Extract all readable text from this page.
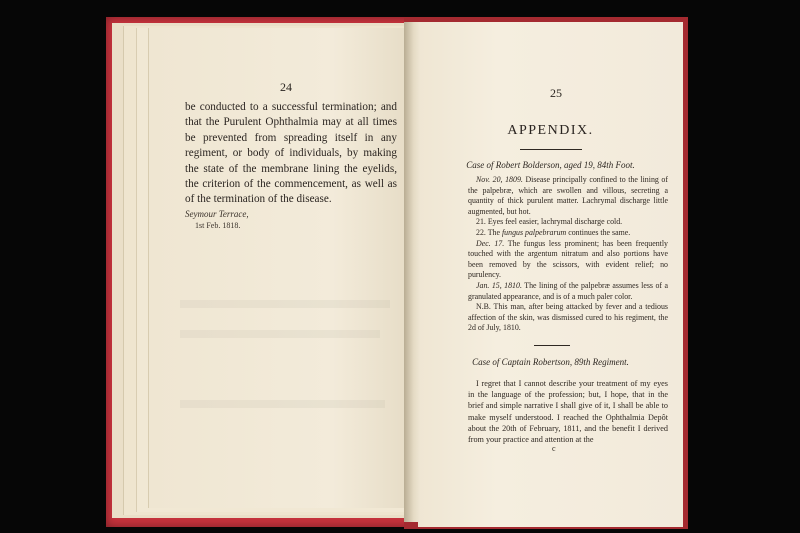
24

be conducted to a successful termination; and that the Purulent Ophthalmia may at all times be prevented from spreading itself in any regiment, or body of individuals, by making the state of the membrane lining the eyelids, the criterion of the commencement, as well as of the termination of the disease.

Seymour Terrace,
1st Feb. 1818.
25
APPENDIX.
Case of Robert Bolderson, aged 19, 84th Foot.

Nov. 20, 1809. Disease principally confined to the lining of the palpebræ, which are swollen and villous, secreting a quantity of thick purulent matter. Lachrymal discharge little augmented, but hot.

21. Eyes feel easier, lachrymal discharge cold.

22. The fungus palpebrarum continues the same.

Dec. 17. The fungus less prominent; has been frequently touched with the argentum nitratum and also portions have been removed by the scissors, with evident relief; no purulency.

Jan. 15, 1810. The lining of the palpebræ assumes less of a granulated appearance, and is of a much paler color.

N.B. This man, after being attacked by fever and a tedious affection of the skin, was dismissed cured to his regiment, the 2d of July, 1810.

Case of Captain Robertson, 89th Regiment.

I regret that I cannot describe your treatment of my eyes in the language of the profession; but, I hope, that in the brief and simple narrative I shall give of it, I shall be able to make myself understood. I reached the Ophthalmia Depôt about the 20th of February, 1811, and the benefit I derived from your practice and attention at the

c
